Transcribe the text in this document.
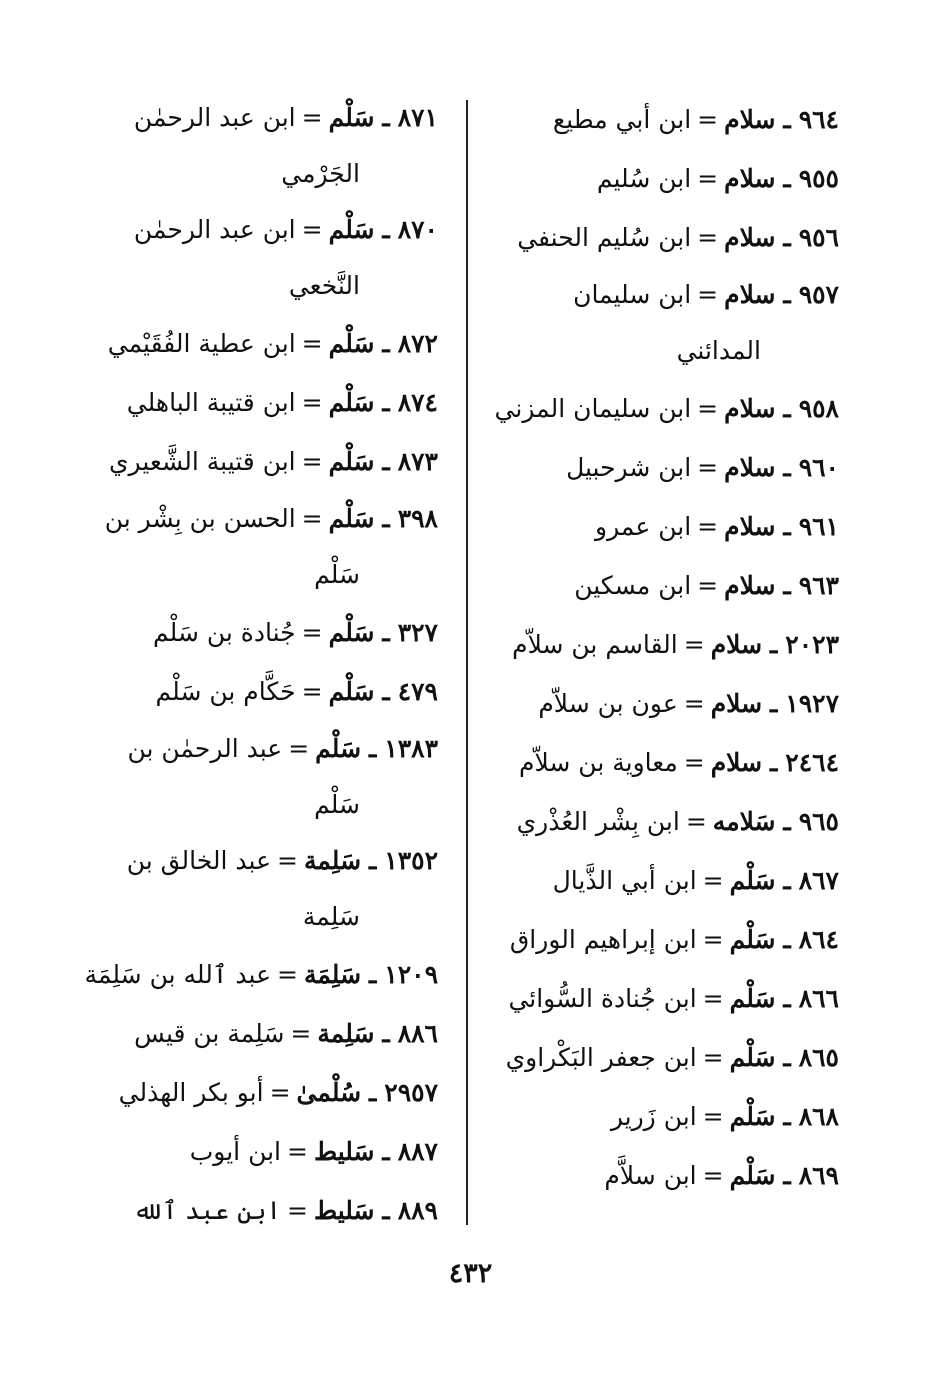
٩٦٤ ـ سلام=ابن أبي مطيع
٩٥٥ ـ سلام=ابن سُليم
٩٥٦ ـ سلام=ابن سُليم الحنفي
٩٥٧ ـ سلام=ابن سليمان
المدائني
٩٥٨ ـ سلام=ابن سليمان المزني
٩٦٠ ـ سلام=ابن شرحبيل
٩٦١ ـ سلام=ابن عمرو
٩٦٣ ـ سلام=ابن مسكين
٢٠٢٣ ـ سلام=القاسم بن سلاّم
١٩٢٧ ـ سلام=عون بن سلاّم
٢٤٦٤ ـ سلام=معاوية بن سلاّم
٩٦٥ ـ سَلامه=ابن بِشْر العُذْري
٨٦٧ ـ سَلْم=ابن أبي الذَّيال
٨٦٤ ـ سَلْم=ابن إبراهيم الوراق
٨٦٦ ـ سَلْم=ابن جُنادة السُّوائي
٨٦٥ ـ سَلْم=ابن جعفر البَكْراوي
٨٦٨ ـ سَلْم=ابن زَرير
٨٦٩ ـ سَلْم=ابن سلاَّم
٨٧١ ـ سَلْم=ابن عبد الرحمٰن
الجَرْمي
٨٧٠ ـ سَلْم=ابن عبد الرحمٰن
النَّخعي
٨٧٢ ـ سَلْم=ابن عطية الفُقَيْمي
٨٧٤ ـ سَلْم=ابن قتيبة الباهلي
٨٧٣ ـ سَلْم=ابن قتيبة الشَّعيري
٣٩٨ ـ سَلْم=الحسن بن بِشْر بن
سَلْم
٣٢٧ ـ سَلْم=جُنادة بن سَلْم
٤٧٩ ـ سَلْم=حَكَّام بن سَلْم
١٣٨٣ ـ سَلْم=عبد الرحمٰن بن
سَلْم
١٣٥٢ ـ سَلِمة=عبد الخالق بن
سَلِمة
١٢٠٩ ـ سَلِمَة=عبد ٱلله بن سَلِمَة
٨٨٦ ـ سَلِمة=سَلِمة بن قيس
٢٩٥٧ ـ سُلْمىٰ=أبو بكر الهذلي
٨٨٧ ـ سَليط=ابن أيوب
٨٨٩ ـ سَليط=ابن عبد ٱلله
٤٣٢
